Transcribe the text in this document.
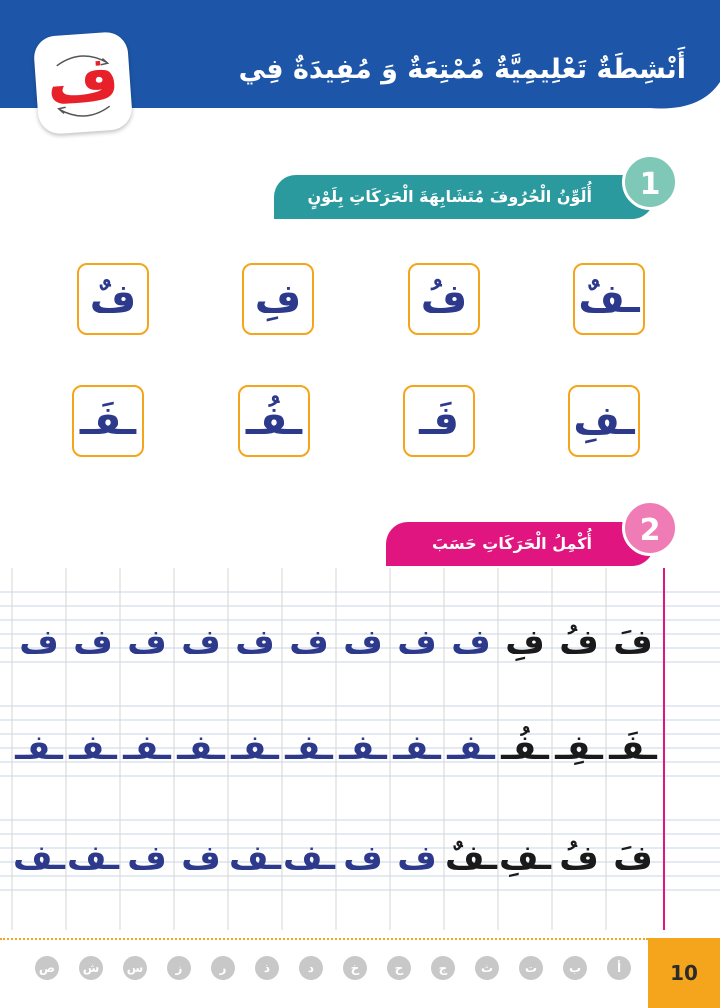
أَنْشِطَةٌ تَعْلِيمِيَّةٌ مُمْتِعَةٌ وَ مُفِيدَةٌ فِي الْبَيْتِ
ف
أُلَوِّنُ الْحُرُوفَ مُتَشَابِهَةَ الْحَرَكَاتِ بِلَوْنٍ وَاحِدٍ
1
ـفٌ
فُ
فِ
فٌ
ـفِ
فَـ
ـفُـ
ـفَـ
أُكْمِلُ الْحَرَكَاتِ حَسَبَ الْمِثَالِ
2
فَ
فُ
فِ
ف
ف
ف
ف
ف
ف
ف
ف
ف
ـفَـ
ـفِـ
ـفُـ
ـفـ
ـفـ
ـفـ
ـفـ
ـفـ
ـفـ
ـفـ
ـفـ
ـفـ
فَ
فُ
ـفِ
ـفٌ
ف
ف
ـف
ـف
ف
ف
ـف
ـف
10
أ
ب
ت
ث
ج
ح
خ
د
ذ
ر
ز
س
ش
ص
